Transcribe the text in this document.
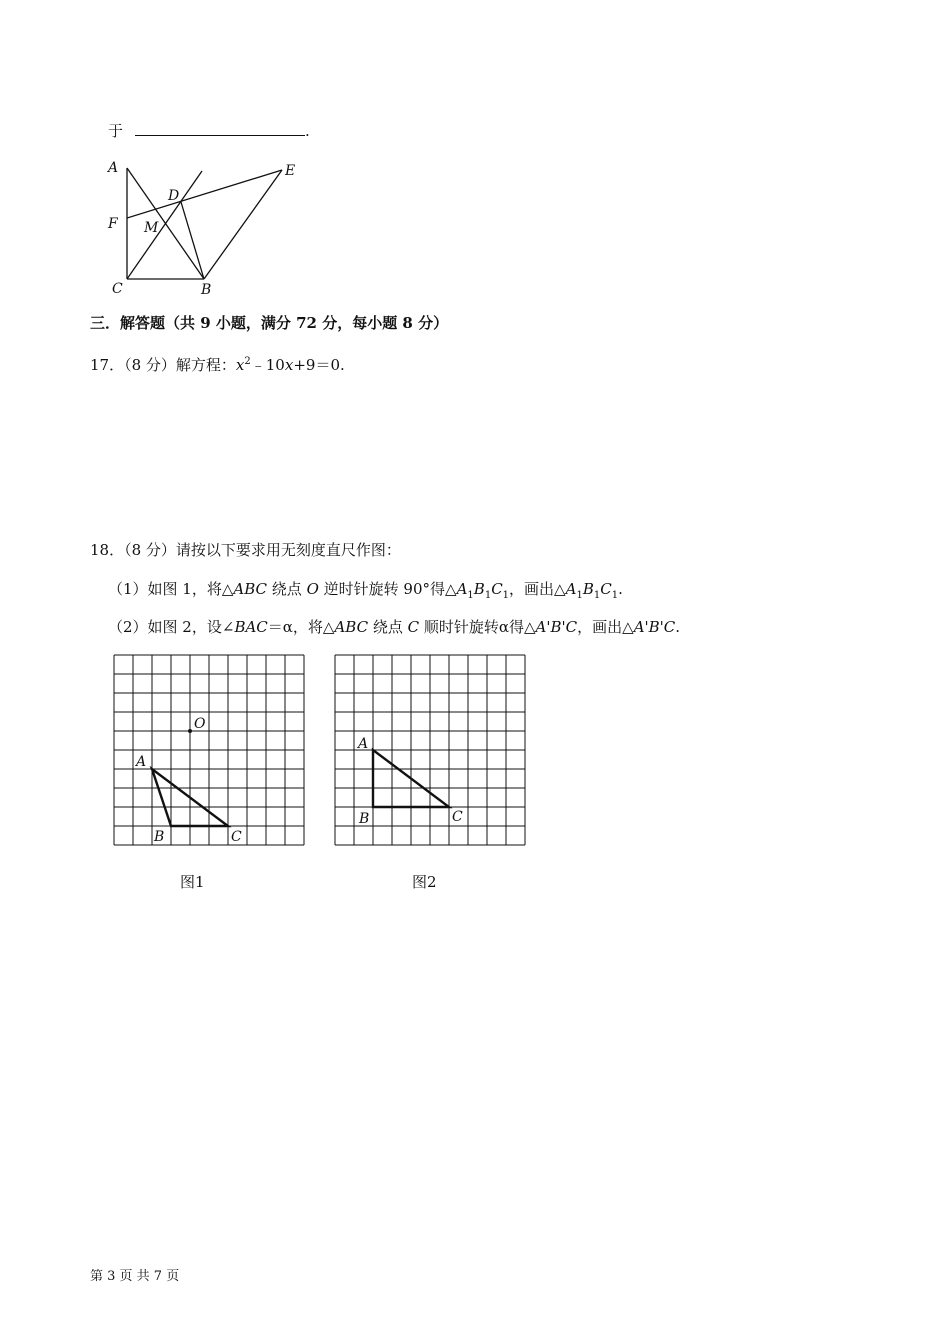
于	.
A	E
D
F M
C	B
三．解答题（共 9 小题，满分 72 分，每小题 8 分）
17．（8 分）解方程：$x^2﹣10x+9=0$.
18．（8 分）请按以下要求用无刻度直尺作图：
（1）如图 1，将△ABC 绕点 O 逆时针旋转 90°得$\triangle A_1B_1C_1$，画出$\triangle A_1B_1C_1$.
（2）如图 2，设∠BAC＝α，将△ABC 绕点 C 顺时针旋转α得△A'B'C，画出△A'B'C.
O
A
B	C
A
B	C
图1	图2
第 3 页 共 7 页
